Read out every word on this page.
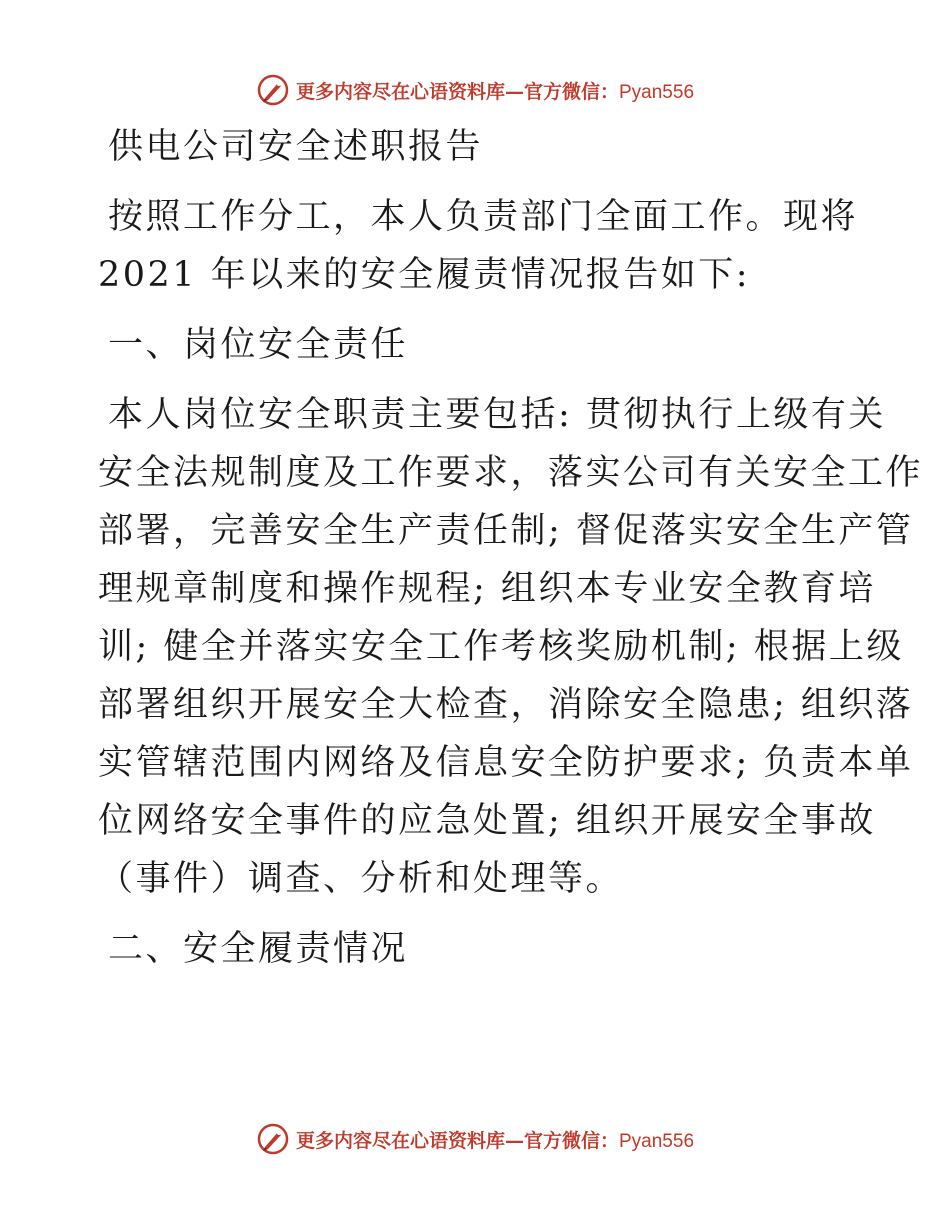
更多内容尽在心语资料库—官方微信：Pyan556

供电公司安全述职报告

按照工作分工，本人负责部门全面工作。现将

2021 年以来的安全履责情况报告如下:

一、岗位安全责任

本人岗位安全职责主要包括: 贯彻执行上级有关

安全法规制度及工作要求，落实公司有关安全工作

部署，完善安全生产责任制; 督促落实安全生产管

理规章制度和操作规程; 组织本专业安全教育培

训; 健全并落实安全工作考核奖励机制; 根据上级

部署组织开展安全大检查，消除安全隐患; 组织落

实管辖范围内网络及信息安全防护要求; 负责本单

位网络安全事件的应急处置; 组织开展安全事故

（事件）调查、分析和处理等。

二、安全履责情况

更多内容尽在心语资料库—官方微信：Pyan556
